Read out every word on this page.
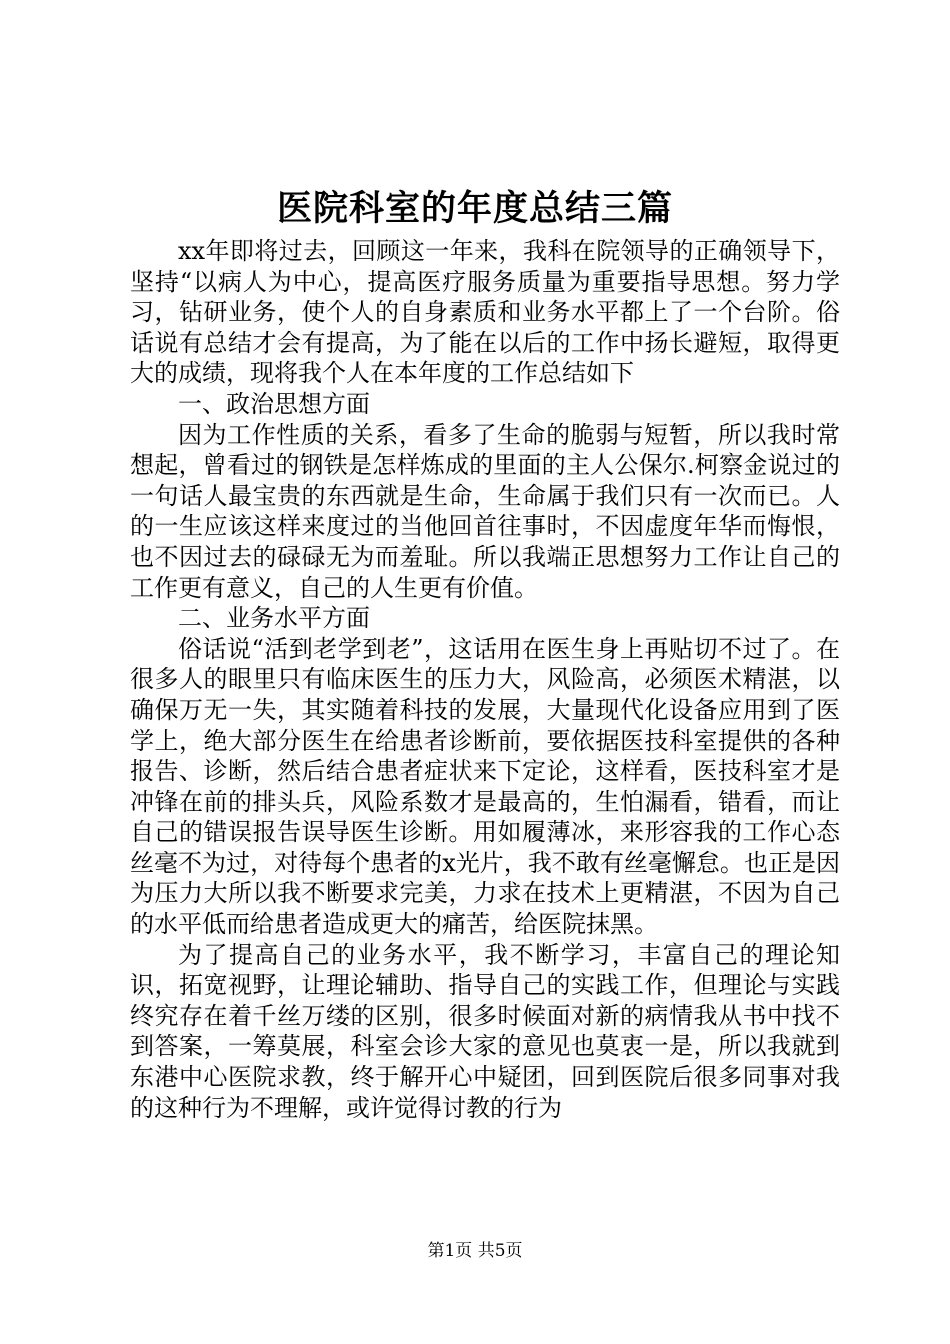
医院科室的年度总结三篇

xx年即将过去，回顾这一年来，我科在院领导的正确领导下，坚持“以病人为中心，提高医疗服务质量为重要指导思想。努力学习，钻研业务，使个人的自身素质和业务水平都上了一个台阶。俗话说有总结才会有提高，为了能在以后的工作中扬长避短，取得更大的成绩，现将我个人在本年度的工作总结如下

一、政治思想方面

因为工作性质的关系，看多了生命的脆弱与短暂，所以我时常想起，曾看过的钢铁是怎样炼成的里面的主人公保尔.柯察金说过的一句话人最宝贵的东西就是生命，生命属于我们只有一次而已。人的一生应该这样来度过的当他回首往事时，不因虚度年华而悔恨，也不因过去的碌碌无为而羞耻。所以我端正思想努力工作让自己的工作更有意义，自己的人生更有价值。

二、业务水平方面

俗话说“活到老学到老”，这话用在医生身上再贴切不过了。在很多人的眼里只有临床医生的压力大，风险高，必须医术精湛，以确保万无一失，其实随着科技的发展，大量现代化设备应用到了医学上，绝大部分医生在给患者诊断前，要依据医技科室提供的各种报告、诊断，然后结合患者症状来下定论，这样看，医技科室才是冲锋在前的排头兵，风险系数才是最高的，生怕漏看，错看，而让自己的错误报告误导医生诊断。用如履薄冰，来形容我的工作心态丝毫不为过，对待每个患者的x光片，我不敢有丝毫懈怠。也正是因为压力大所以我不断要求完美，力求在技术上更精湛，不因为自己的水平低而给患者造成更大的痛苦，给医院抹黑。

为了提高自己的业务水平，我不断学习，丰富自己的理论知识，拓宽视野，让理论辅助、指导自己的实践工作，但理论与实践终究存在着千丝万缕的区别，很多时候面对新的病情我从书中找不到答案，一筹莫展，科室会诊大家的意见也莫衷一是，所以我就到东港中心医院求教，终于解开心中疑团，回到医院后很多同事对我的这种行为不理解，或许觉得讨教的行为

第1页 共5页
